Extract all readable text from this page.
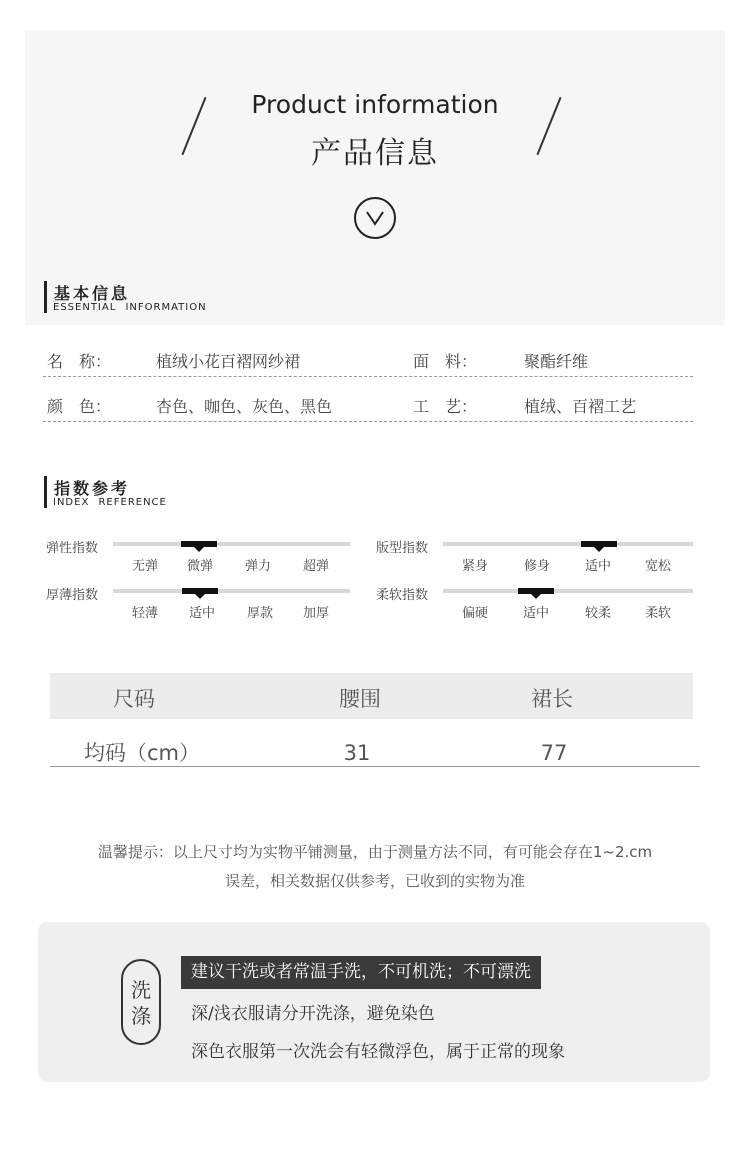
Product information
产品信息
基本信息
ESSENTIAL INFORMATION
名　称：	植绒小花百褶网纱裙	面　料：	聚酯纤维
颜　色：	杏色、咖色、灰色、黑色	工　艺：	植绒、百褶工艺
指数参考
INDEX REFERENCE
弹性指数
无弹 微弹 弹力 超弹
版型指数
紧身	修身	适中	宽松
厚薄指数
轻薄 适中 厚款 加厚
柔软指数
偏硬	适中	较柔	柔软
尺码	腰围	裙长
均码（cm）	31	77
温馨提示：以上尺寸均为实物平铺测量，由于测量方法不同，有可能会存在1~2.cm
误差，相关数据仅供参考，已收到的实物为准
洗
涤
建议干洗或者常温手洗，不可机洗；不可漂洗
深/浅衣服请分开洗涤，避免染色
深色衣服第一次洗会有轻微浮色，属于正常的现象
